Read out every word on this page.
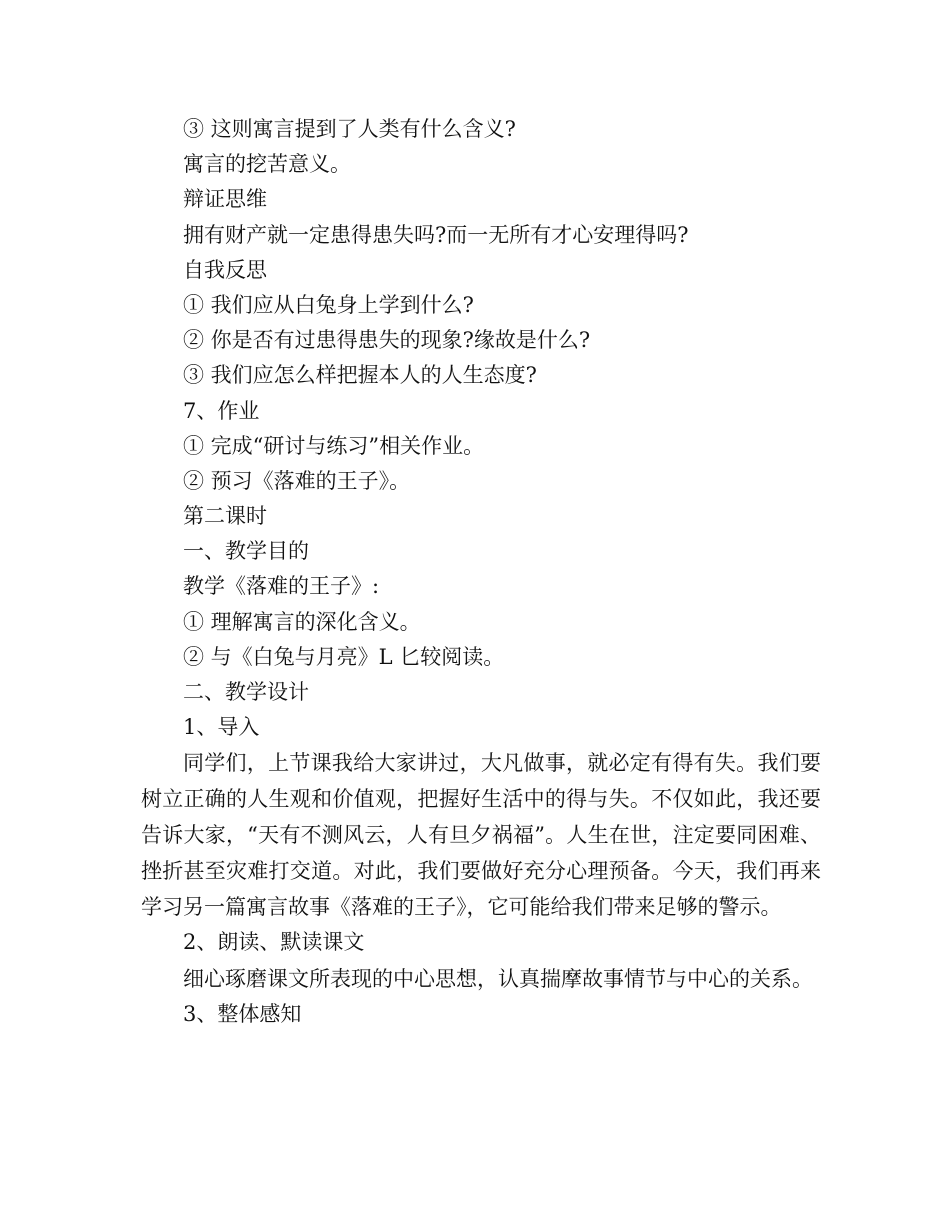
③ 这则寓言提到了人类有什么含义?
寓言的挖苦意义。
辩证思维
拥有财产就一定患得患失吗?而一无所有才心安理得吗?
自我反思
① 我们应从白兔身上学到什么?
② 你是否有过患得患失的现象?缘故是什么?
③ 我们应怎么样把握本人的人生态度?
7、作业
① 完成“研讨与练习”相关作业。
② 预习《落难的王子》。
第二课时
一、教学目的
教学《落难的王子》:
① 理解寓言的深化含义。
② 与《白兔与月亮》L 匕较阅读。
二、教学设计
1、导入

同学们，上节课我给大家讲过，大凡做事，就必定有得有失。我们要树立正确的人生观和价值观，把握好生活中的得与失。不仅如此，我还要告诉大家，“天有不测风云，人有旦夕祸福”。人生在世，注定要同困难、挫折甚至灾难打交道。对此，我们要做好充分心理预备。今天，我们再来学习另一篇寓言故事《落难的王子》，它可能给我们带来足够的警示。

2、朗读、默读课文

细心琢磨课文所表现的中心思想，认真揣摩故事情节与中心的关系。

3、整体感知
